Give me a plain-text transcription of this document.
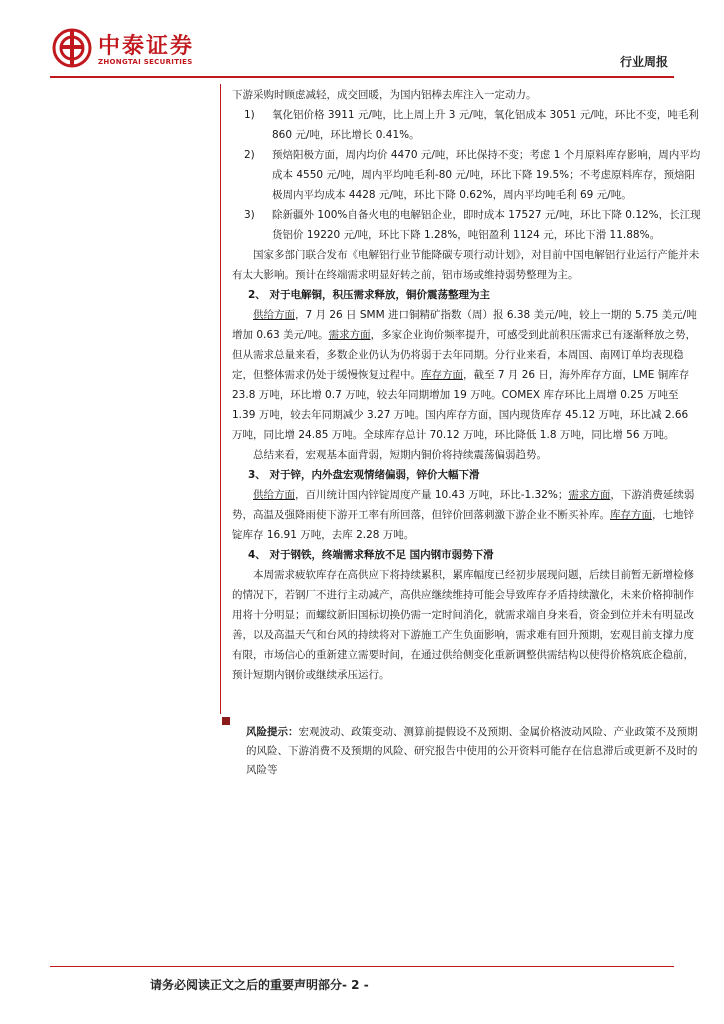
中泰证券
ZHONGTAI SECURITIES	行业周报

下游采购时顾虑减轻，成交回暖，为国内铝棒去库注入一定动力。

1)	氧化铝价格 3911 元/吨，比上周上升 3 元/吨，氧化铝成本 3051 元/吨，环比不变，吨毛利 860 元/吨，环比增长 0.41%。
2)	预焙阳极方面，周内均价 4470 元/吨，环比保持不变；考虑 1 个月原料库存影响，周内平均成本 4550 元/吨，周内平均吨毛利-80 元/吨，环比下降 19.5%；不考虑原料库存，预焙阳极周内平均成本 4428 元/吨，环比下降 0.62%，周内平均吨毛利 69 元/吨。
3)	除新疆外 100%自备火电的电解铝企业，即时成本 17527 元/吨，环比下降 0.12%，长江现货铝价 19220 元/吨，环比下降 1.28%，吨铝盈利 1124 元，环比下滑 11.88%。

国家多部门联合发布《电解铝行业节能降碳专项行动计划》，对目前中国电解铝行业运行产能并未有太大影响。预计在终端需求明显好转之前，铝市场或维持弱势整理为主。

2、 对于电解铜，积压需求释放，铜价震荡整理为主

供给方面，7 月 26 日 SMM 进口铜精矿指数（周）报 6.38 美元/吨，较上一期的 5.75 美元/吨增加 0.63 美元/吨。需求方面，多家企业询价频率提升，可感受到此前积压需求已有逐渐释放之势，但从需求总量来看，多数企业仍认为仍将弱于去年同期。分行业来看，本周国、南网订单均表现稳定，但整体需求仍处于缓慢恢复过程中。库存方面，截至 7 月 26 日，海外库存方面，LME 铜库存 23.8 万吨，环比增 0.7 万吨，较去年同期增加 19 万吨。COMEX 库存环比上周增 0.25 万吨至 1.39 万吨，较去年同期减少 3.27 万吨。国内库存方面，国内现货库存 45.12 万吨，环比减 2.66 万吨，同比增 24.85 万吨。全球库存总计 70.12 万吨，环比降低 1.8 万吨，同比增 56 万吨。

总结来看，宏观基本面背弱，短期内铜价将持续震荡偏弱趋势。

3、 对于锌，内外盘宏观情绪偏弱，锌价大幅下滑

供给方面，百川统计国内锌锭周度产量 10.43 万吨，环比-1.32%；需求方面，下游消费延续弱势，高温及强降雨使下游开工率有所回落，但锌价回落刺激下游企业不断买补库。库存方面，七地锌锭库存 16.91 万吨，去库 2.28 万吨。

4、 对于钢铁，终端需求释放不足 国内钢市弱势下滑

本周需求疲软库存在高供应下将持续累积，累库幅度已经初步展现问题，后续目前暂无新增检修的情况下，若钢厂不进行主动减产，高供应继续维持可能会导致库存矛盾持续激化，未来价格抑制作用将十分明显；而螺纹新旧国标切换仍需一定时间消化，就需求端自身来看，资金到位并未有明显改善，以及高温天气和台风的持续将对下游施工产生负面影响，需求难有回升预期，宏观目前支撑力度有限，市场信心的重新建立需要时间，在通过供给侧变化重新调整供需结构以使得价格筑底企稳前，预计短期内钢价或继续承压运行。

风险提示：宏观波动、政策变动、测算前提假设不及预期、金属价格波动风险、产业政策不及预期的风险、下游消费不及预期的风险、研究报告中使用的公开资料可能存在信息滞后或更新不及时的风险等

请务必阅读正文之后的重要声明部分- 2 -
